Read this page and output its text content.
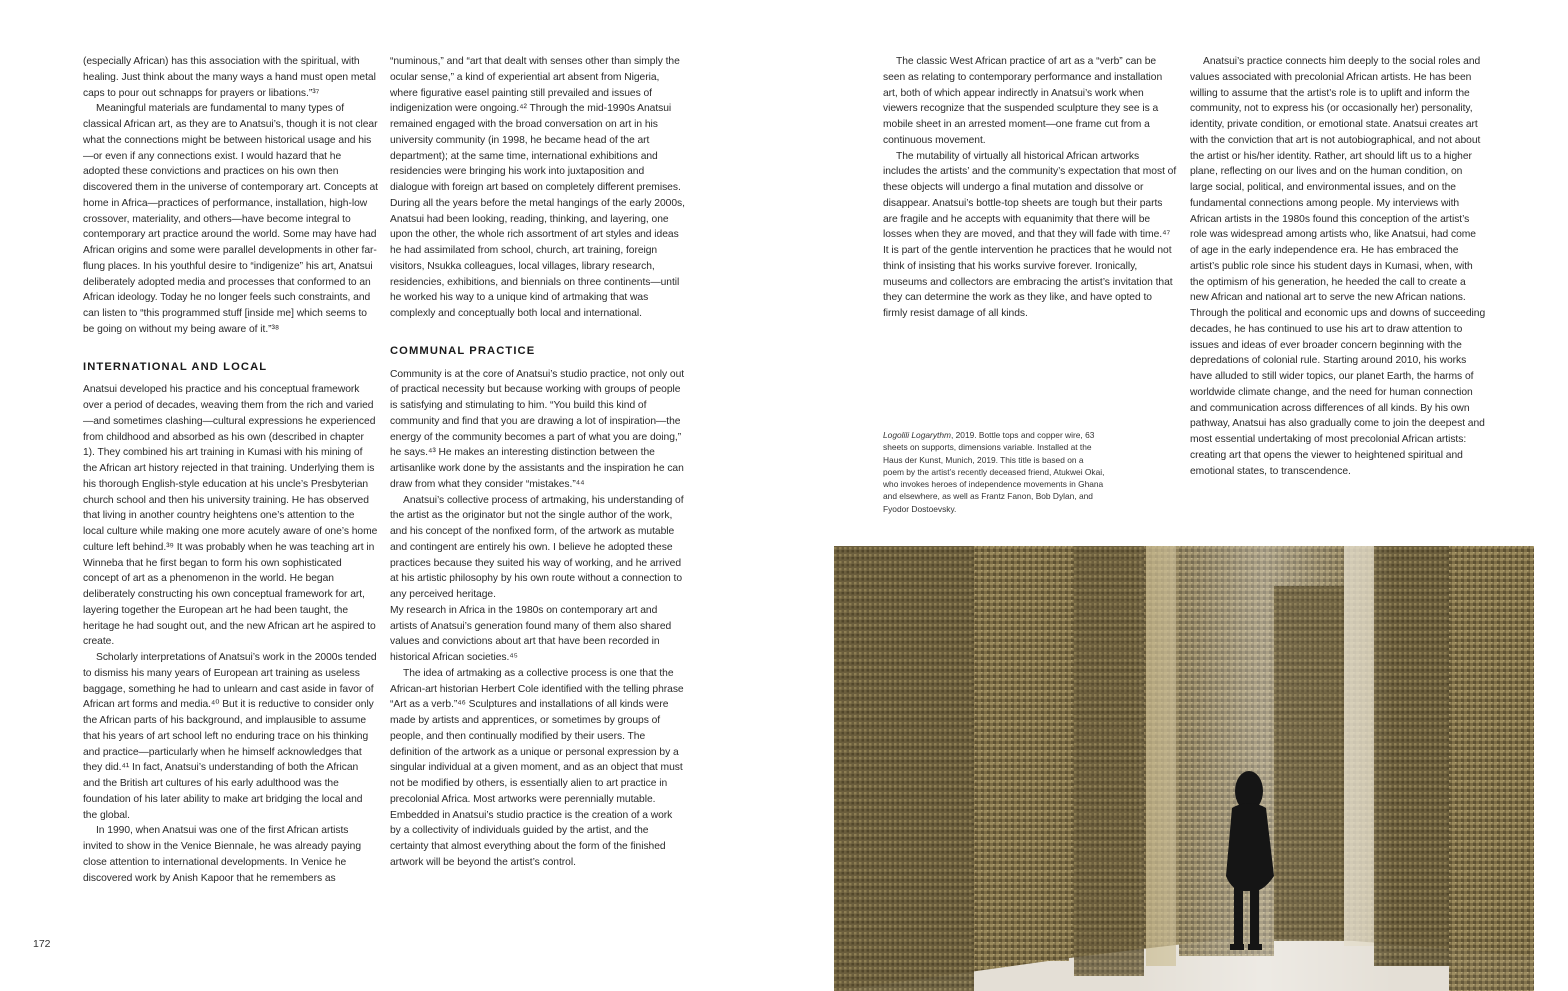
(especially African) has this association with the spiritual, with healing. Just think about the many ways a hand must open metal caps to pour out schnapps for prayers or libations.”³⁷

Meaningful materials are fundamental to many types of classical African art, as they are to Anatsui’s, though it is not clear what the connections might be between historical usage and his—or even if any connections exist. I would hazard that he adopted these convictions and practices on his own then discovered them in the universe of contemporary art. Concepts at home in Africa—practices of performance, installation, high-low crossover, materiality, and others—have become integral to contemporary art practice around the world. Some may have had African origins and some were parallel developments in other far-flung places. In his youthful desire to “indigenize” his art, Anatsui deliberately adopted media and processes that conformed to an African ideology. Today he no longer feels such constraints, and can listen to “this programmed stuff [inside me] which seems to be going on without my being aware of it.”³⁸

INTERNATIONAL AND LOCAL

Anatsui developed his practice and his conceptual framework over a period of decades, weaving them from the rich and varied—and sometimes clashing—cultural expressions he experienced from childhood and absorbed as his own (described in chapter 1). They combined his art training in Kumasi with his mining of the African art history rejected in that training. Underlying them is his thorough English-style education at his uncle’s Presbyterian church school and then his university training. He has observed that living in another country heightens one’s attention to the local culture while making one more acutely aware of one’s home culture left behind.³⁹ It was probably when he was teaching art in Winneba that he first began to form his own sophisticated concept of art as a phenomenon in the world. He began deliberately constructing his own conceptual framework for art, layering together the European art he had been taught, the heritage he had sought out, and the new African art he aspired to create.

Scholarly interpretations of Anatsui’s work in the 2000s tended to dismiss his many years of European art training as useless baggage, something he had to unlearn and cast aside in favor of African art forms and media.⁴⁰ But it is reductive to consider only the African parts of his background, and implausible to assume that his years of art school left no enduring trace on his thinking and practice—particularly when he himself acknowledges that they did.⁴¹ In fact, Anatsui’s understanding of both the African and the British art cultures of his early adulthood was the foundation of his later ability to make art bridging the local and the global.

In 1990, when Anatsui was one of the first African artists invited to show in the Venice Biennale, he was already paying close attention to international developments. In Venice he discovered work by Anish Kapoor that he remembers as

“numinous,” and “art that dealt with senses other than simply the ocular sense,” a kind of experiential art absent from Nigeria, where figurative easel painting still prevailed and issues of indigenization were ongoing.⁴² Through the mid-1990s Anatsui remained engaged with the broad conversation on art in his university community (in 1998, he became head of the art department); at the same time, international exhibitions and residencies were bringing his work into juxtaposition and dialogue with foreign art based on completely different premises. During all the years before the metal hangings of the early 2000s, Anatsui had been looking, reading, thinking, and layering, one upon the other, the whole rich assortment of art styles and ideas he had assimilated from school, church, art training, foreign visitors, Nsukka colleagues, local villages, library research, residencies, exhibitions, and biennials on three continents—until he worked his way to a unique kind of artmaking that was complexly and conceptually both local and international.

COMMUNAL PRACTICE

Community is at the core of Anatsui’s studio practice, not only out of practical necessity but because working with groups of people is satisfying and stimulating to him. “You build this kind of community and find that you are drawing a lot of inspiration—the energy of the community becomes a part of what you are doing,” he says.⁴³ He makes an interesting distinction between the artisanlike work done by the assistants and the inspiration he can draw from what they consider “mistakes.”⁴⁴

Anatsui’s collective process of artmaking, his understanding of the artist as the originator but not the single author of the work, and his concept of the nonfixed form, of the artwork as mutable and contingent are entirely his own. I believe he adopted these practices because they suited his way of working, and he arrived at his artistic philosophy by his own route without a connection to any perceived heritage.

My research in Africa in the 1980s on contemporary art and artists of Anatsui’s generation found many of them also shared values and convictions about art that have been recorded in historical African societies.⁴⁵

The idea of artmaking as a collective process is one that the African-art historian Herbert Cole identified with the telling phrase “Art as a verb.”⁴⁶ Sculptures and installations of all kinds were made by artists and apprentices, or sometimes by groups of people, and then continually modified by their users. The definition of the artwork as a unique or personal expression by a singular individual at a given moment, and as an object that must not be modified by others, is essentially alien to art practice in precolonial Africa. Most artworks were perennially mutable. Embedded in Anatsui’s studio practice is the creation of a work by a collectivity of individuals guided by the artist, and the certainty that almost everything about the form of the finished artwork will be beyond the artist’s control.

The classic West African practice of art as a “verb” can be seen as relating to contemporary performance and installation art, both of which appear indirectly in Anatsui’s work when viewers recognize that the suspended sculpture they see is a mobile sheet in an arrested moment—one frame cut from a continuous movement.

The mutability of virtually all historical African artworks includes the artists’ and the community’s expectation that most of these objects will undergo a final mutation and dissolve or disappear. Anatsui’s bottle-top sheets are tough but their parts are fragile and he accepts with equanimity that there will be losses when they are moved, and that they will fade with time.⁴⁷ It is part of the gentle intervention he practices that he would not think of insisting that his works survive forever. Ironically, museums and collectors are embracing the artist’s invitation that they can determine the work as they like, and have opted to firmly resist damage of all kinds.

Logolili Logarythm, 2019. Bottle tops and copper wire, 63 sheets on supports, dimensions variable. Installed at the Haus der Kunst, Munich, 2019. This title is based on a poem by the artist’s recently deceased friend, Atukwei Okai, who invokes heroes of independence movements in Ghana and elsewhere, as well as Frantz Fanon, Bob Dylan, and Fyodor Dostoevsky.

Anatsui’s practice connects him deeply to the social roles and values associated with precolonial African artists. He has been willing to assume that the artist’s role is to uplift and inform the community, not to express his (or occasionally her) personality, identity, private condition, or emotional state. Anatsui creates art with the conviction that art is not autobiographical, and not about the artist or his/her identity. Rather, art should lift us to a higher plane, reflecting on our lives and on the human condition, on large social, political, and environmental issues, and on the fundamental connections among people. My interviews with African artists in the 1980s found this conception of the artist’s role was widespread among artists who, like Anatsui, had come of age in the early independence era. He has embraced the artist’s public role since his student days in Kumasi, when, with the optimism of his generation, he heeded the call to create a new African and national art to serve the new African nations. Through the political and economic ups and downs of succeeding decades, he has continued to use his art to draw attention to issues and ideas of ever broader concern beginning with the depredations of colonial rule. Starting around 2010, his works have alluded to still wider topics, our planet Earth, the harms of worldwide climate change, and the need for human connection and communication across differences of all kinds. By his own pathway, Anatsui has also gradually come to join the deepest and most essential undertaking of most precolonial African artists: creating art that opens the viewer to heightened spiritual and emotional states, to transcendence.

172
